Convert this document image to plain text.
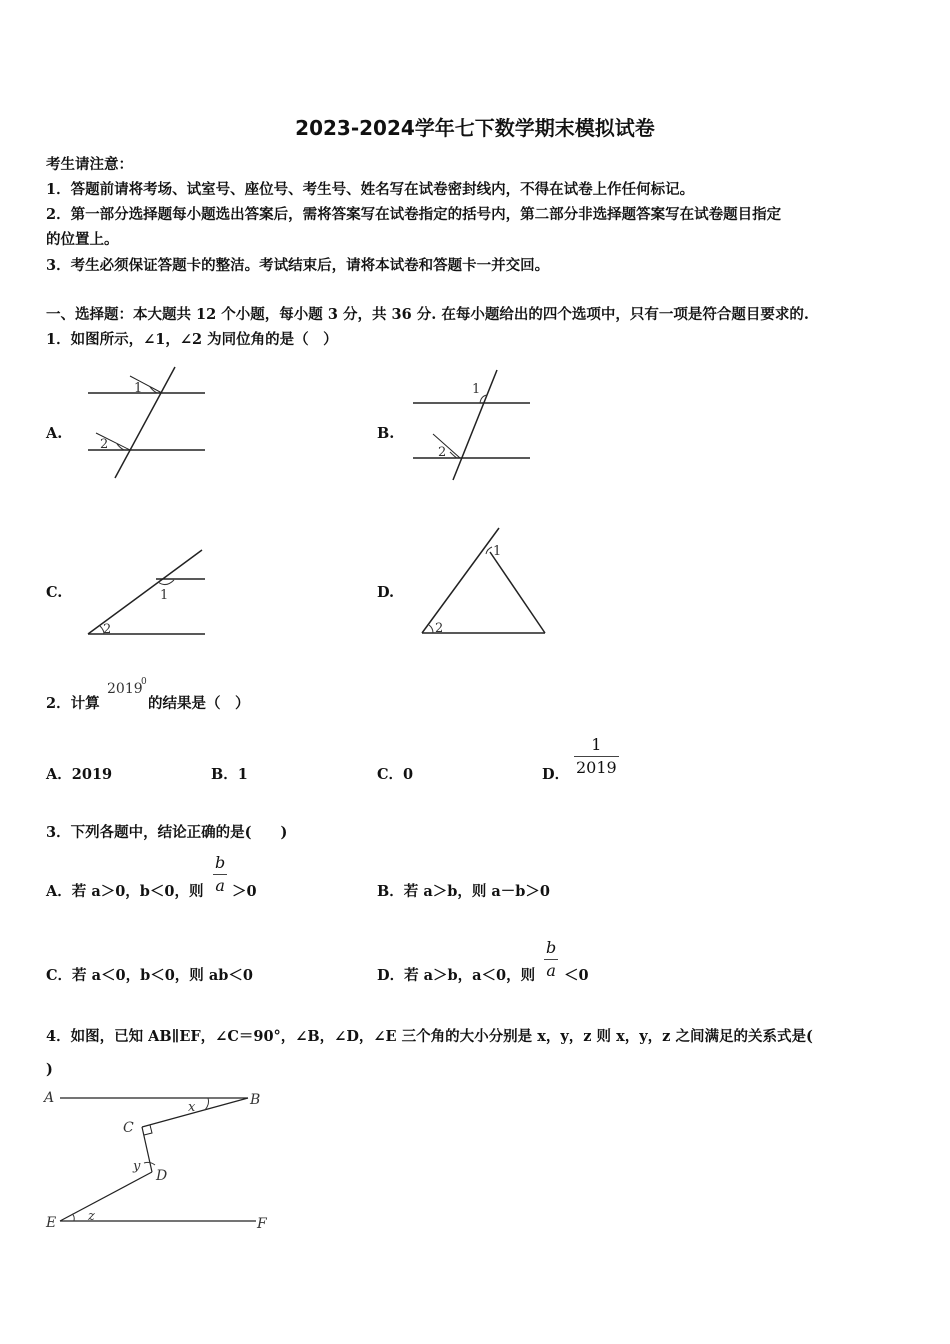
2023-2024学年七下数学期末模拟试卷
考生请注意：
1．答题前请将考场、试室号、座位号、考生号、姓名写在试卷密封线内，不得在试卷上作任何标记。
2．第一部分选择题每小题选出答案后，需将答案写在试卷指定的括号内，第二部分非选择题答案写在试卷题目指定
的位置上。
3．考生必须保证答题卡的整洁。考试结束后，请将本试卷和答题卡一并交回。
一、选择题：本大题共 12 个小题，每小题 3 分，共 36 分. 在每小题给出的四个选项中，只有一项是符合题目要求的.
1．如图所示，∠1，∠2 为同位角的是（　）
A.
1
2
B.
1
2
C.	1
2
D.
1
2
2．计算
2019
0
的结果是（　）
A．2019	B．1	C．0	D．
1
2019
3．下列各题中，结论正确的是(　　)
A．若 a＞0，b＜0，则
b
a ＞0	B．若 a＞b，则 a－b＞0
C．若 a＜0，b＜0，则 ab＜0	D．若 a＞b，a＜0，则
b
a ＜0
4．如图，已知 AB∥EF，∠C＝90°，∠B，∠D，∠E 三个角的大小分别是 x，y，z 则 x，y，z 之间满足的关系式是(
)
A	B
C
D
E	F
x
y
z
